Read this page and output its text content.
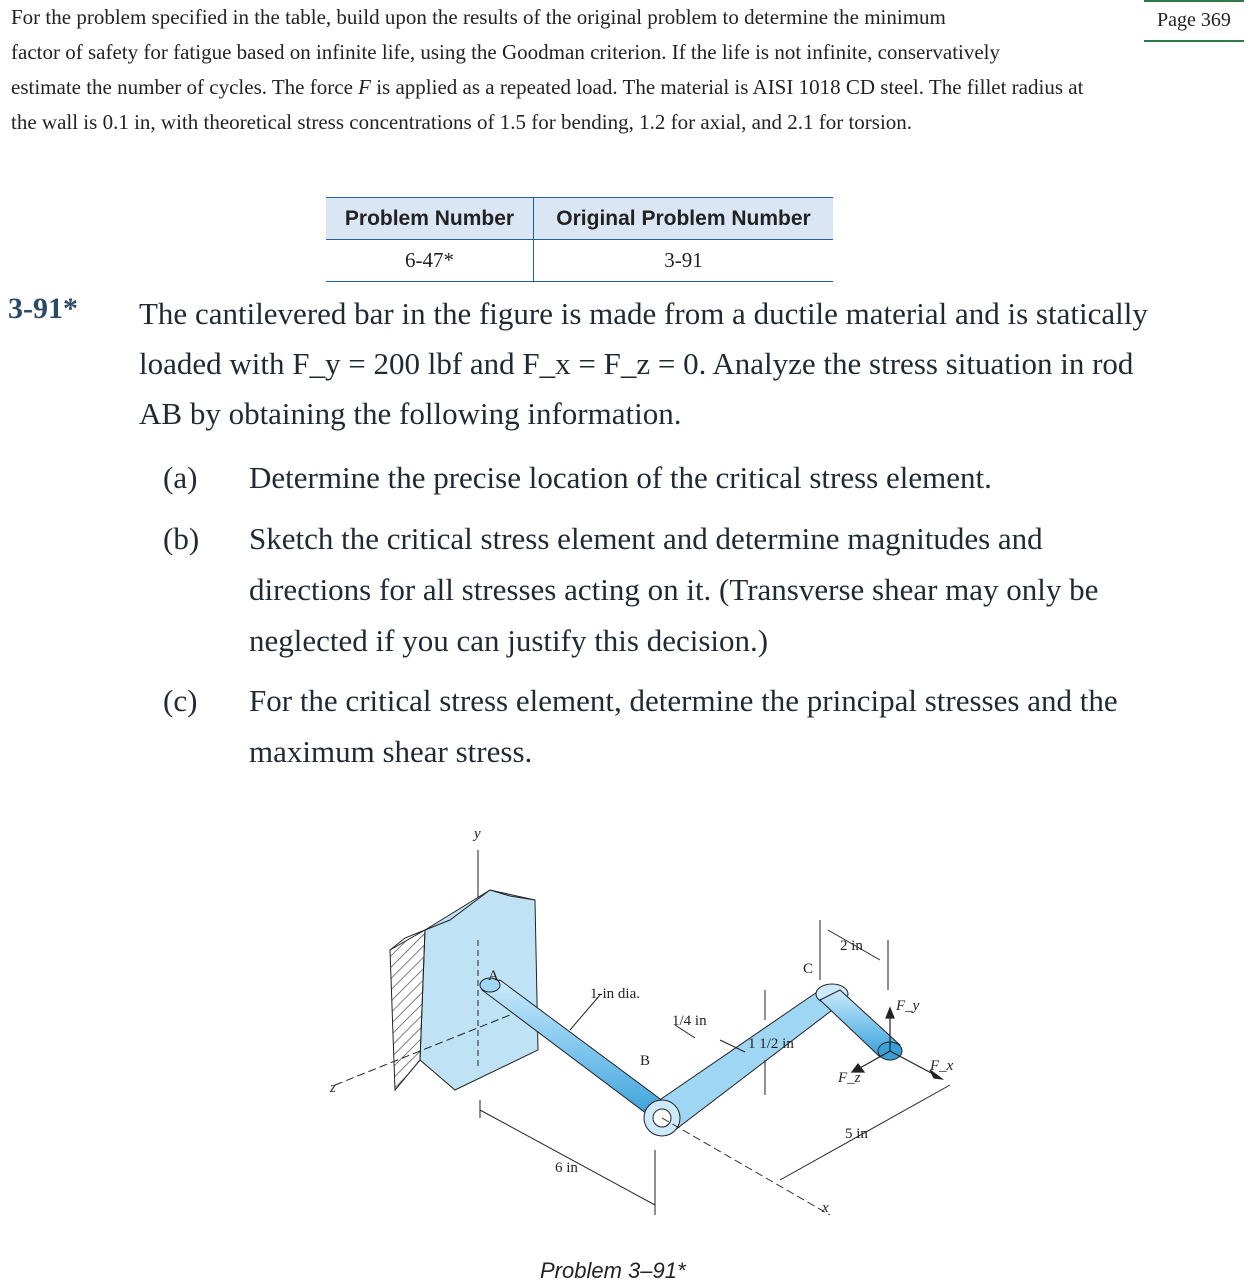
For the problem specified in the table, build upon the results of the original problem to determine the minimum
factor of safety for fatigue based on infinite life, using the Goodman criterion. If the life is not infinite, conservatively
estimate the number of cycles. The force F is applied as a repeated load. The material is AISI 1018 CD steel. The fillet radius at
the wall is 0.1 in, with theoretical stress concentrations of 1.5 for bending, 1.2 for axial, and 2.1 for torsion.
Page 369
Problem Number	Original Problem Number
6-47*	3-91
3-91* The cantilevered bar in the figure is made from a ductile material and is statically
loaded with F_y = 200 lbf and F_x = F_z = 0. Analyze the stress situation in rod
AB by obtaining the following information.
(a) Determine the precise location of the critical stress element.
(b) Sketch the critical stress element and determine magnitudes and
directions for all stresses acting on it. (Transverse shear may only be
neglected if you can justify this decision.)
(c) For the critical stress element, determine the principal stresses and the
maximum shear stress.
y
z
A
B
C
x
1-in dia.
1/4 in
1 1/2 in
2 in
5 in
6 in
F_y
F_z
F_x
Problem 3–91*
